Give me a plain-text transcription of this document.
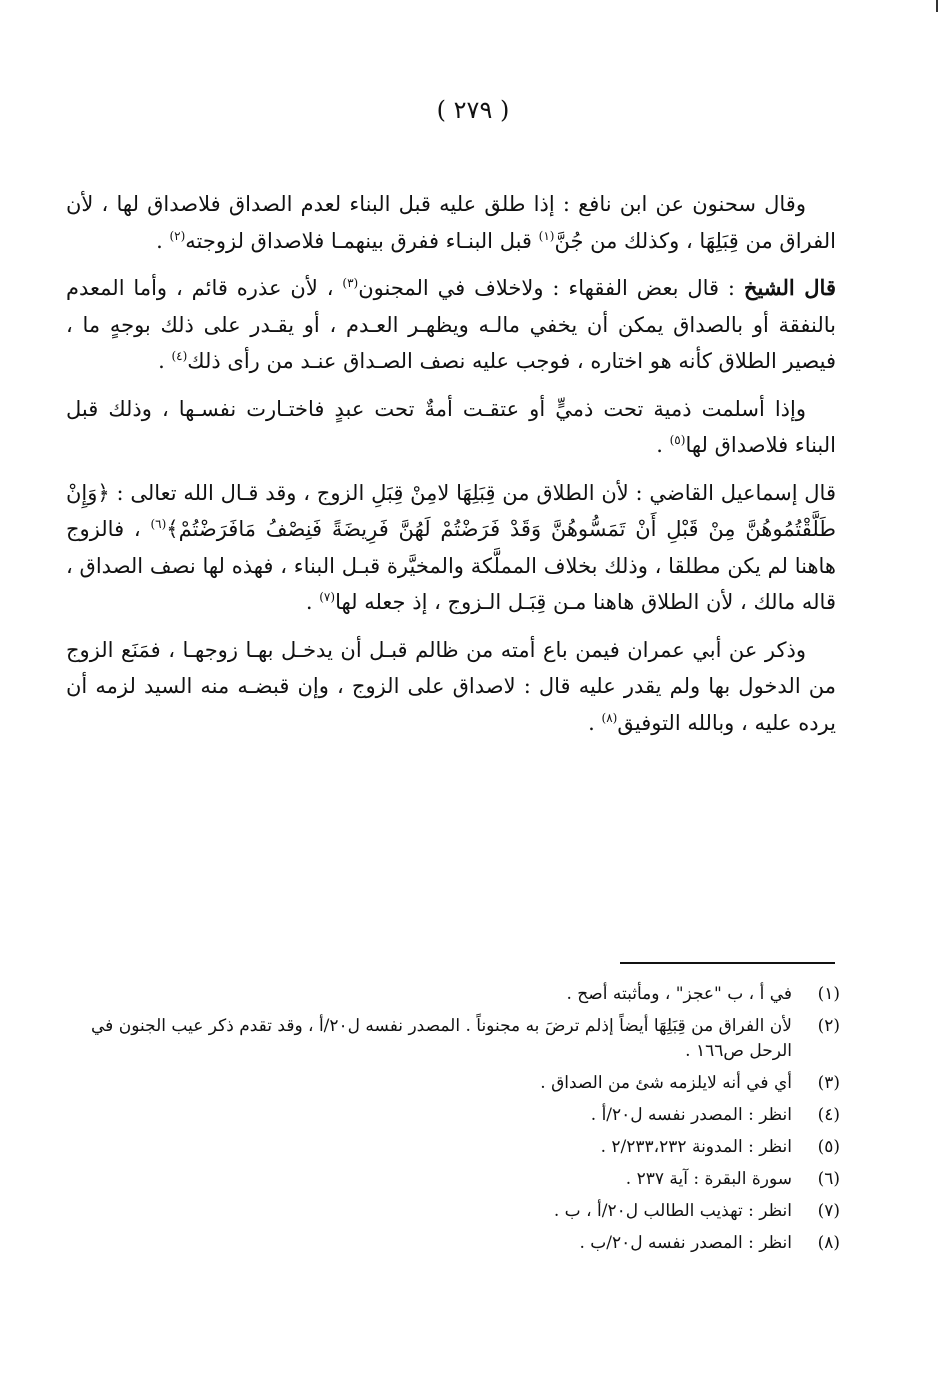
( ٢٧٩ )

وقال سحنون عن ابن نافع : إذا طلق عليه قبل البناء لعدم الصداق فلاصداق لها ، لأن الفراق من قِبَلِهَا ، وكذلك من جُنَّ$^{(١)}$ قبل البنـاء ففرق بينهمـا فلاصداق لزوجته$^{(٢)}$ .

قال الشيخ : قال بعض الفقهاء : ولاخلاف في المجنون$^{(٣)}$ ، لأن عذره قائم ، وأما المعدم بالنفقة أو بالصداق يمكن أن يخفي مالـه ويظهـر العـدم ، أو يقـدر على ذلك بوجهٍ ما ، فيصير الطلاق كأنه هو اختاره ، فوجب عليه نصف الصـداق عنـد من رأى ذلك$^{(٤)}$ .

وإذا أسلمت ذمية تحت ذميٍّ أو عتقـت أمةٌ تحت عبدٍ فاختـارت نفسـها ، وذلك قبل البناء فلاصداق لها$^{(٥)}$ .

قال إسماعيل القاضي : لأن الطلاق من قِبَلِهَا لامِنْ قِبَلِ الزوج ، وقد قـال الله تعالى : ﴿وَإِنْ طَلَّقْتُمُوهُنَّ مِنْ قَبْلِ أَنْ تَمَسُّوهُنَّ وَقَدْ فَرَضْتُمْ لَهُنَّ فَرِيضَةً فَنِصْفُ مَافَرَضْتُمْ﴾$^{(٦)}$ ، فالزوج هاهنا لم يكن مطلقا ، وذلك بخلاف المملَّكة والمخيَّرة قبـل البناء ، فهذه لها نصف الصداق ، قاله مالك ، لأن الطلاق هاهنا مـن قِبَـل الـزوج ، إذ جعله لها$^{(٧)}$ .

وذكر عن أبي عمران فيمن باع أمته من ظالم قبـل أن يدخـل بهـا زوجهـا ، فمَنَع الزوج من الدخول بها ولم يقدر عليه قال : لاصداق على الزوج ، وإن قبضـه منه السيد لزمه أن يرده عليه ، وبالله التوفيق$^{(٨)}$ .

(١)
في أ ، ب "عجز" ، ومأثبته أصح .
(٢)
لأن الفراق من قِبَلِهَا أيضاً إذلم ترضَ به مجنوناً . المصدر نفسه ل٢٠/أ ، وقد تقدم ذكر عيب الجنون في الرحل ص١٦٦ .
(٣)
أي في أنه لايلزمه شئ من الصداق .
(٤)
انظر : المصدر نفسه ل٢٠/أ .
(٥)
انظر : المدونة ٢/٢٣٣،٢٣٢ .
(٦)
سورة البقرة : آية ٢٣٧ .
(٧)
انظر : تهذيب الطالب ل٢٠/أ ، ب .
(٨)
انظر : المصدر نفسه ل٢٠/ب .
